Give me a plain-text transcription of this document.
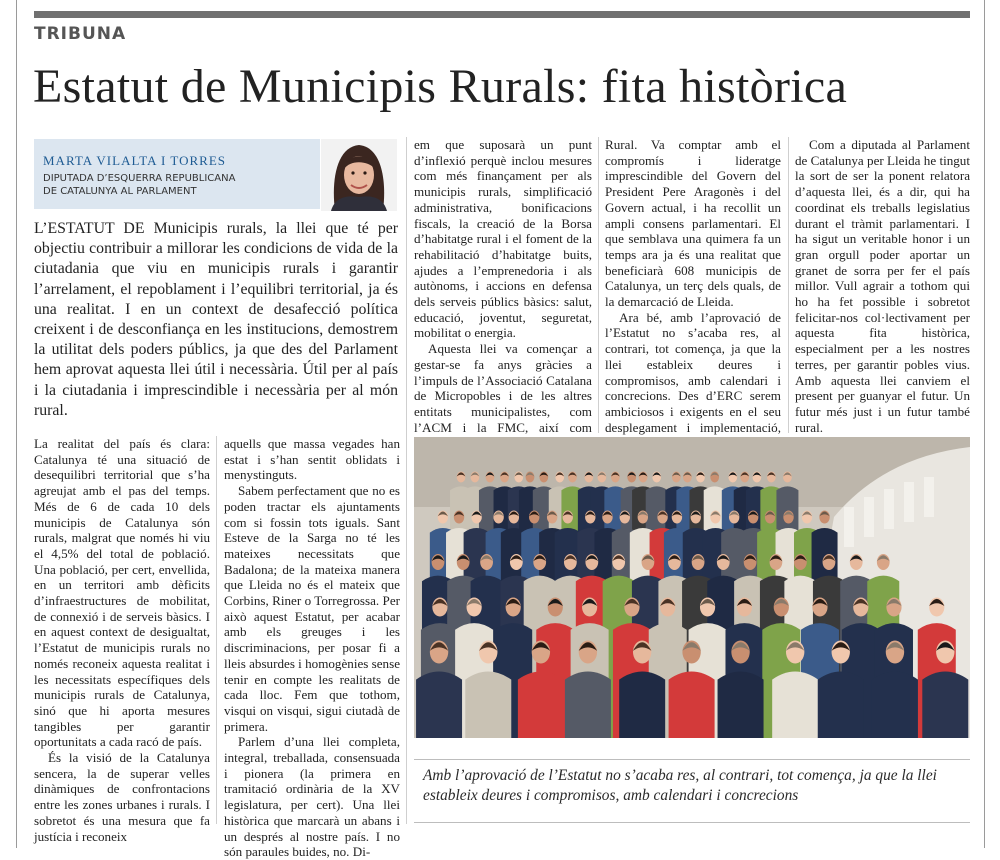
TRIBUNA
Estatut de Municipis Rurals: fita històrica
MARTA VILALTA I TORRES
DIPUTADA D’ESQUERRA REPUBLICANA
DE CATALUNYA AL PARLAMENT

L’ESTATUT DE Municipis rurals, la llei que té per objectiu contribuir a millorar les condicions de vida de la ciutadania que viu en municipis rurals i garantir l’arrelament, el repoblament i l’equilibri territorial, ja és una realitat. I en un context de desafecció política creixent i de desconfiança en les institucions, demostrem la utilitat dels poders públics, ja que des del Parlament hem aprovat aquesta llei útil i necessària. Útil per al país i la ciutadania i imprescindible i necessària per al món rural.

La realitat del país és clara: Catalunya té una situació de desequilibri territorial que s’ha agreujat amb el pas del temps. Més de 6 de cada 10 dels municipis de Catalunya són rurals, malgrat que només hi viu el 4,5% del total de població. Una població, per cert, envellida, en un territori amb dèficits d’infraestructures de mobilitat, de connexió i de serveis bàsics. I en aquest context de desigualtat, l’Estatut de municipis rurals no només reconeix aquesta realitat i les necessitats específiques dels municipis rurals de Catalunya, sinó que hi aporta mesures tangibles per garantir oportunitats a cada racó de país.

És la visió de la Catalunya sencera, la de superar velles dinàmiques de confrontacions entre les zones urbanes i rurals. I sobretot és una mesura que fa justícia i reconeix

aquells que massa vegades han estat i s’han sentit oblidats i menystinguts.

Sabem perfectament que no es poden tractar els ajuntaments com si fossin tots iguals. Sant Esteve de la Sarga no té les mateixes necessitats que Badalona; de la mateixa manera que Lleida no és el mateix que Corbins, Riner o Torregrossa. Per això aquest Estatut, per acabar amb els greuges i les discriminacions, per posar fi a lleis absurdes i homogènies sense tenir en compte les realitats de cada lloc. Fem que tothom, visqui on visqui, sigui ciutadà de primera.

Parlem d’una llei completa, integral, treballada, consensuada i pionera (la primera en tramitació ordinària de la XV legislatura, per cert). Una llei històrica que marcarà un abans i un després al nostre país. I no són paraules buides, no. Di-

em que suposarà un punt d’inflexió perquè inclou mesures com més finançament per als municipis rurals, simplificació administrativa, bonificacions fiscals, la creació de la Borsa d’habitatge rural i el foment de la rehabilitació d’habitatge buits, ajudes a l’emprenedoria i als autònoms, i accions en defensa dels serveis públics bàsics: salut, educació, joventut, seguretat, mobilitat o energia.

Aquesta llei va començar a gestar-se fa anys gràcies a l’impuls de l’Associació Catalana de Micropobles i de les altres entitats municipalistes, com l’ACM i la FMC, així com

Rural. Va comptar amb el compromís i lideratge imprescindible del Govern del President Pere Aragonès i del Govern actual, i ha recollit un ampli consens parlamentari. El que semblava una quimera fa un temps ara ja és una realitat que beneficiarà 608 municipis de Catalunya, un terç dels quals, de la demarcació de Lleida.

Ara bé, amb l’aprovació de l’Estatut no s’acaba res, al contrari, tot comença, ja que la llei estableix deures i compromisos, amb calendari i concrecions. Des d’ERC serem ambiciosos i exigents en el seu desplegament i implementació,

Com a diputada al Parlament de Catalunya per Lleida he tingut la sort de ser la ponent relatora d’aquesta llei, és a dir, qui ha coordinat els treballs legislatius durant el tràmit parlamentari. I ha sigut un veritable honor i un gran orgull poder aportar un granet de sorra per fer el país millor. Vull agrair a tothom qui ho ha fet possible i sobretot felicitar-nos col·lectivament per aquesta fita històrica, especialment per a les nostres terres, per garantir pobles vius. Amb aquesta llei canviem el present per guanyar el futur. Un futur més just i un futur també rural.

Amb l’aprovació de l’Estatut no s’acaba res, al contrari, tot comença, ja que la llei estableix deures i compromisos, amb calendari i concrecions
